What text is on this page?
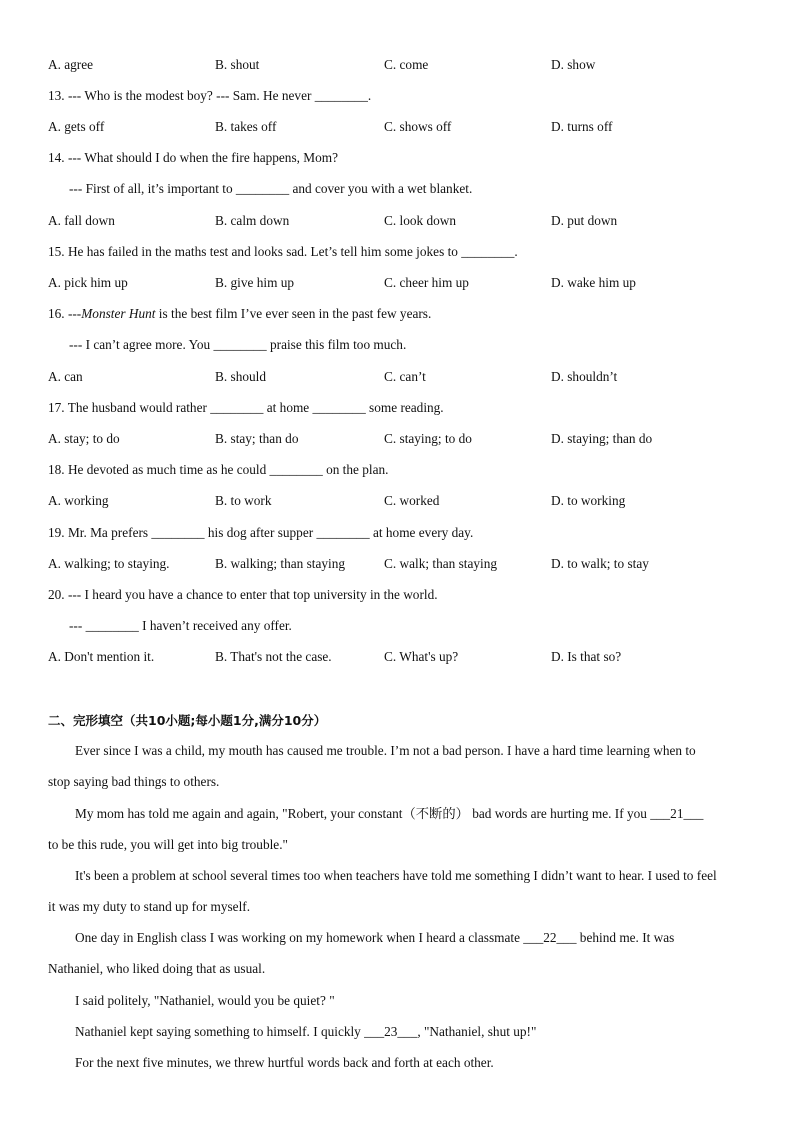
A. agree	B. shout	C. come	D. show
13. --- Who is the modest boy? --- Sam. He never ________.
A. gets off	B. takes off	C. shows off	D. turns off
14. --- What should I do when the fire happens, Mom?
--- First of all, it’s important to ________ and cover you with a wet blanket.
A. fall down	B. calm down	C. look down	D. put down
15. He has failed in the maths test and looks sad. Let’s tell him some jokes to ________.
A. pick him up	B. give him up	C. cheer him up	D. wake him up
16. ---Monster Hunt is the best film I’ve ever seen in the past few years.
--- I can’t agree more. You ________ praise this film too much.
A. can	B. should	C. can’t	D. shouldn’t
17. The husband would rather ________ at home ________ some reading.
A. stay; to do	B. stay; than do	C. staying; to do	D. staying; than do
18. He devoted as much time as he could ________ on the plan.
A. working	B. to work	C. worked	D. to working
19. Mr. Ma prefers ________ his dog after supper ________ at home every day.
A. walking; to staying.	B. walking; than staying	C. walk; than staying	D. to walk; to stay
20. --- I heard you have a chance to enter that top university in the world.
--- ________ I haven’t received any offer.
A. Don't mention it.	B. That's not the case.	C. What's up?	D. Is that so?
二、完形填空（共10小题;每小题1分,满分10分）
Ever since I was a child, my mouth has caused me trouble. I’m not a bad person. I have a hard time learning when to
stop saying bad things to others.
My mom has told me again and again, "Robert, your constant（不断的） bad words are hurting me. If you ___21___
to be this rude, you will get into big trouble."
It's been a problem at school several times too when teachers have told me something I didn’t want to hear. I used to feel
it was my duty to stand up for myself.
One day in English class I was working on my homework when I heard a classmate ___22___ behind me. It was
Nathaniel, who liked doing that as usual.
I said politely, "Nathaniel, would you be quiet? "
Nathaniel kept saying something to himself. I quickly ___23___, "Nathaniel, shut up!"
For the next five minutes, we threw hurtful words back and forth at each other.
